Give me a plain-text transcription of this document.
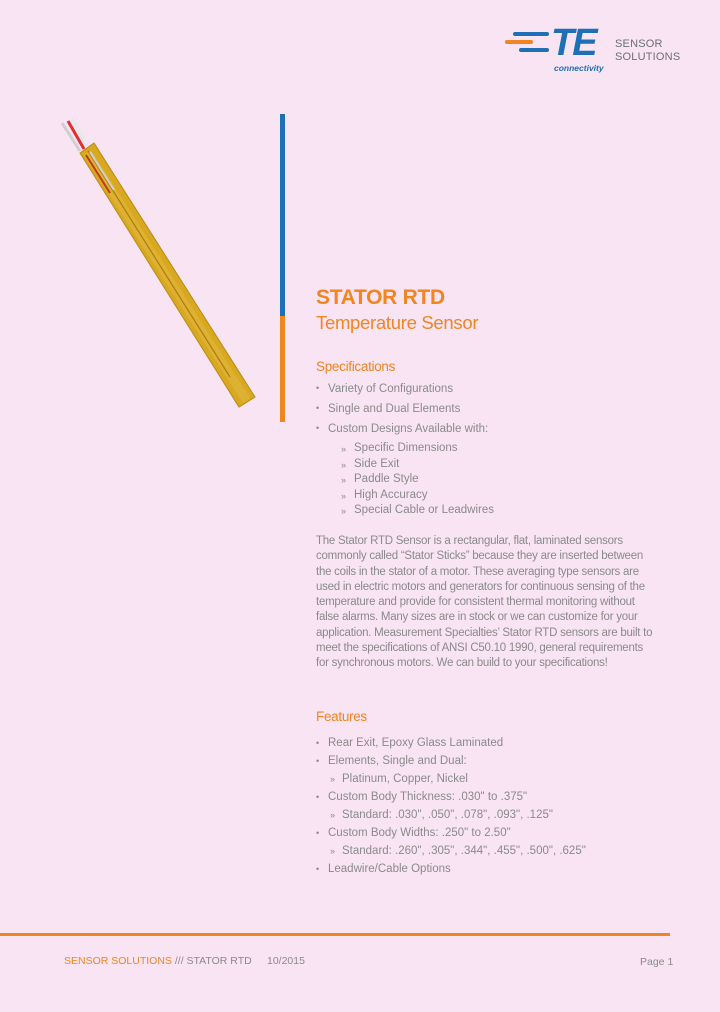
TE
connectivity
SENSOR
SOLUTIONS
STATOR RTD
Temperature Sensor
Specifications
• Variety of Configurations
• Single and Dual Elements
• Custom Designs Available with:
» Specific Dimensions
» Side Exit
» Paddle Style
» High Accuracy
» Special Cable or Leadwires
The Stator RTD Sensor is a rectangular, flat, laminated sensors commonly called “Stator Sticks” because they are inserted between the coils in the stator of a motor. These averaging type sensors are used in electric motors and generators for continuous sensing of the temperature and provide for consistent thermal monitoring without false alarms. Many sizes are in stock or we can customize for your application. Measurement Specialties’ Stator RTD sensors are built to meet the specifications of ANSI C50.10 1990, general requirements for synchronous motors. We can build to your specifications!
Features
• Rear Exit, Epoxy Glass Laminated
• Elements, Single and Dual:
» Platinum, Copper, Nickel
• Custom Body Thickness: .030" to .375"
» Standard: .030", .050", .078", .093", .125"
• Custom Body Widths: .250" to 2.50"
» Standard: .260", .305", .344", .455", .500", .625"
• Leadwire/Cable Options
SENSOR SOLUTIONS /// STATOR RTD 10/2015	Page 1
